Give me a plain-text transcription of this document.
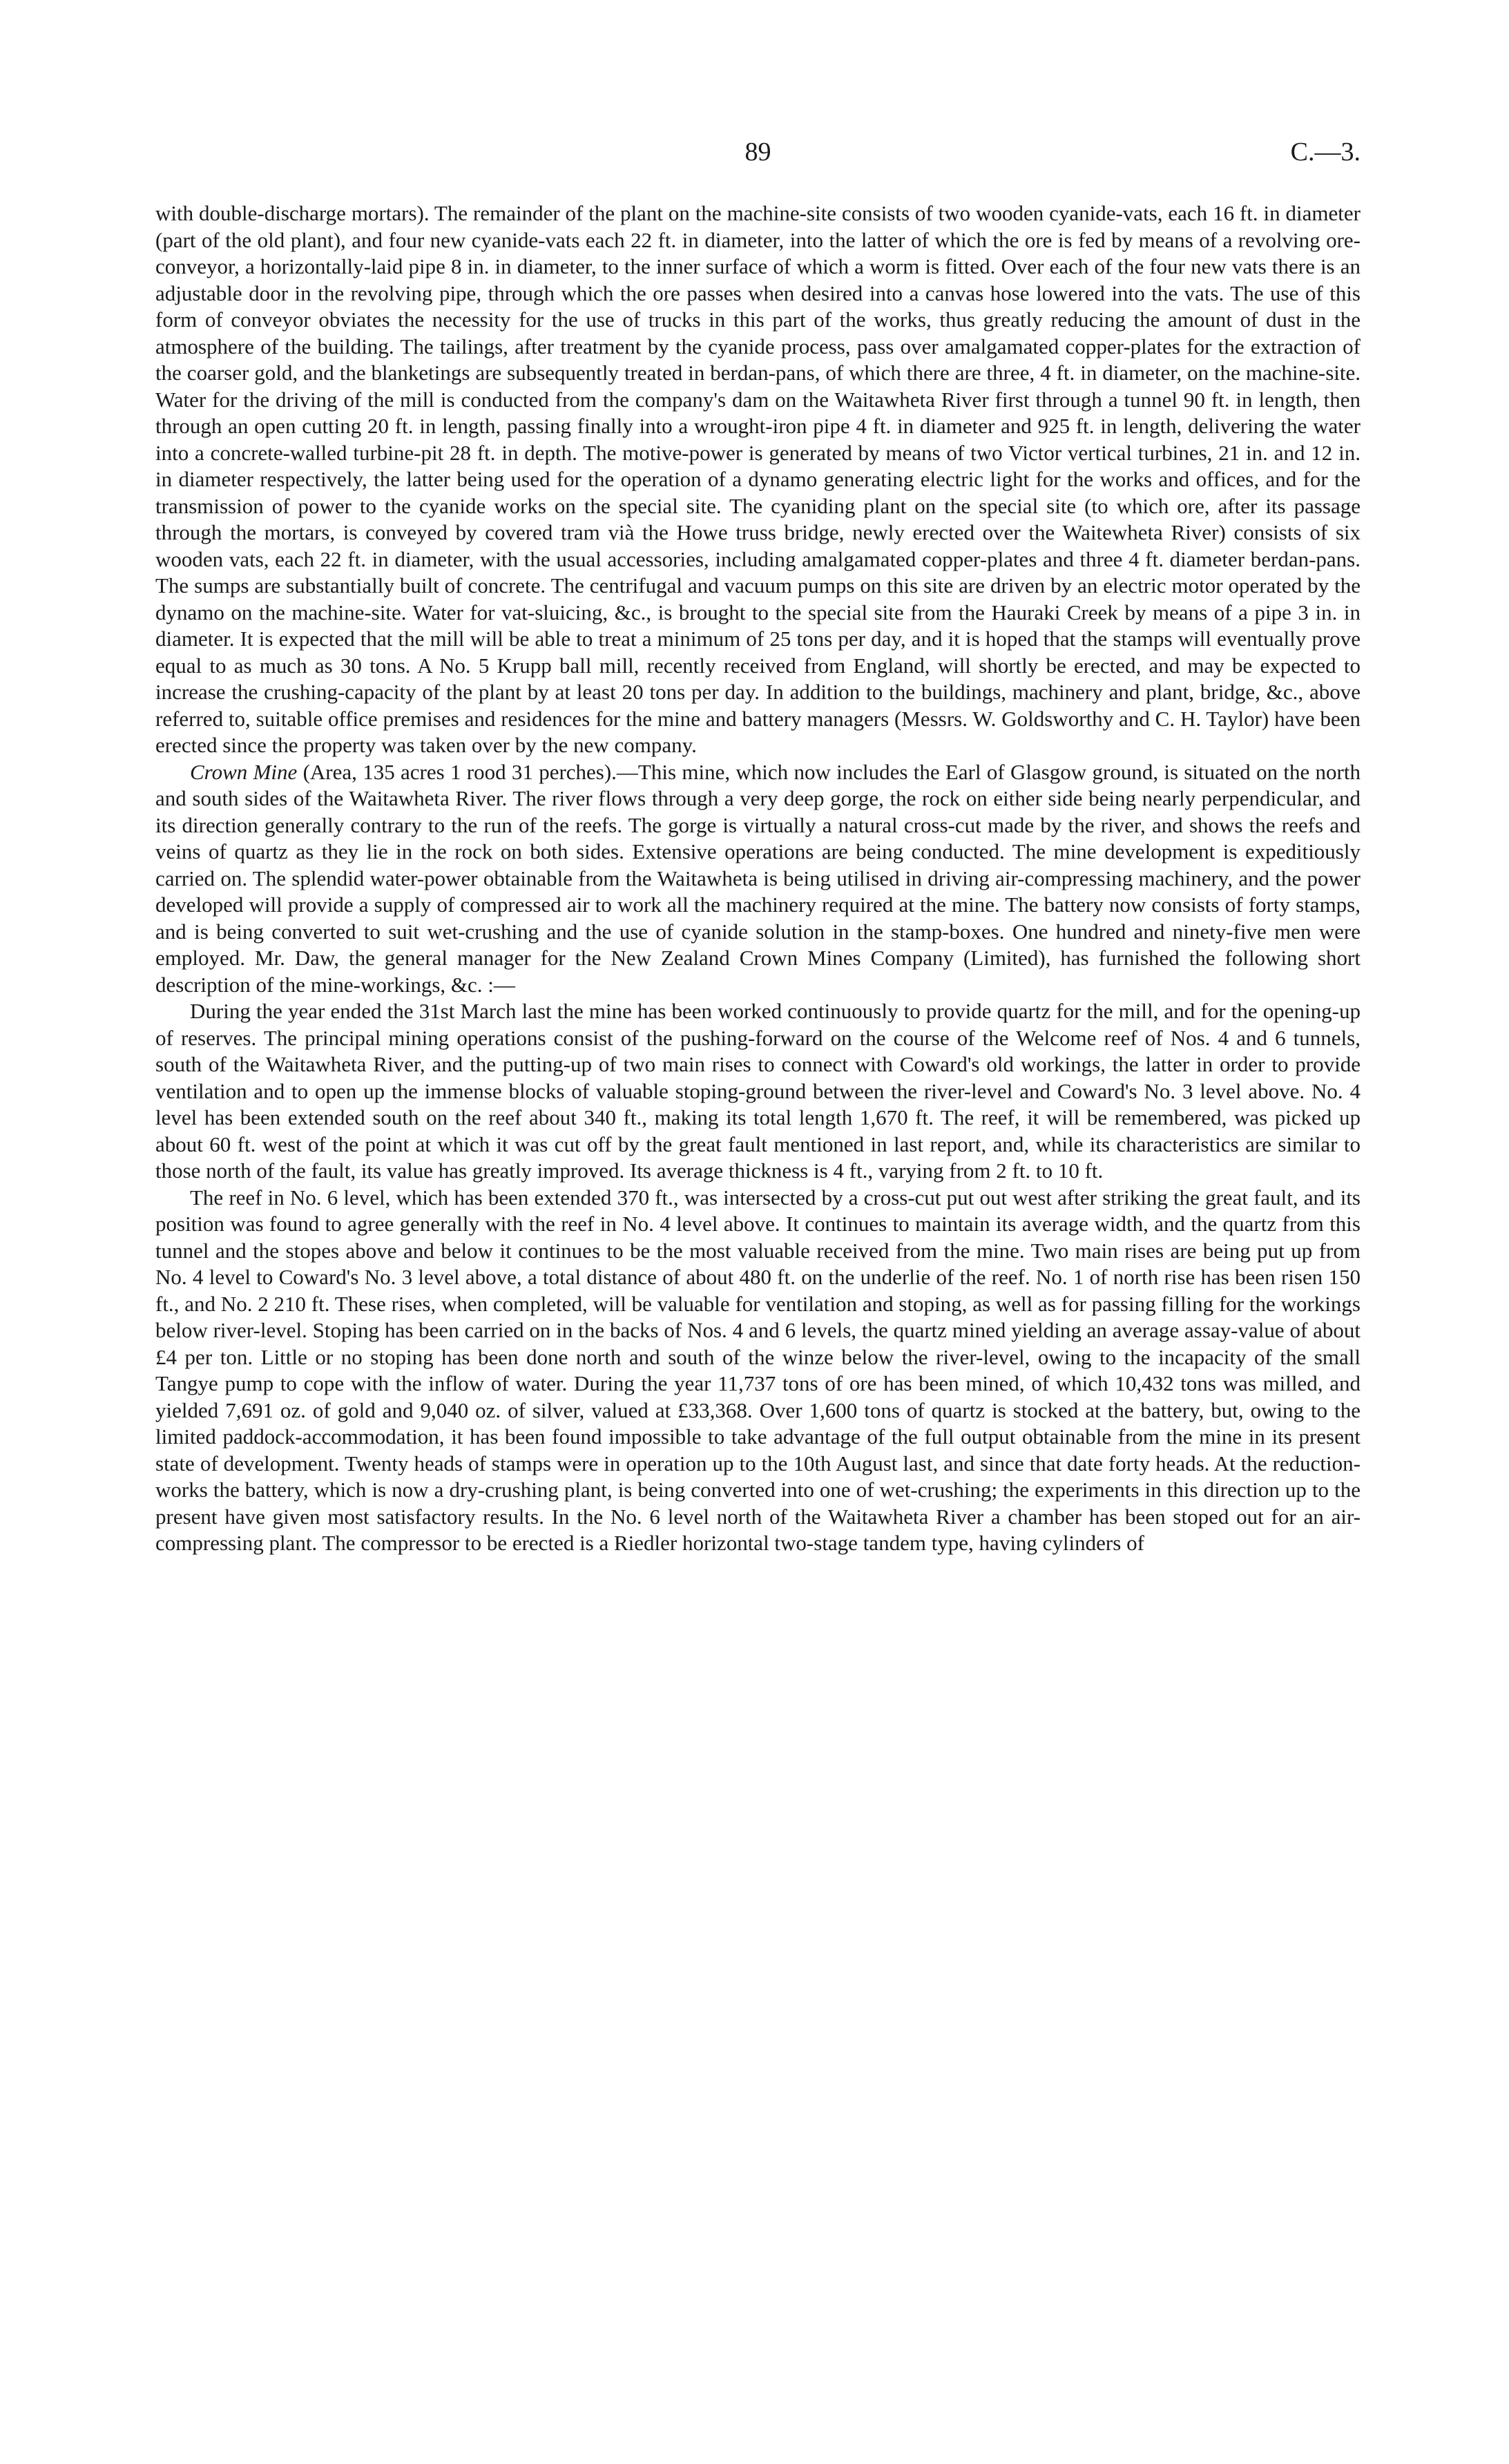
89	C.—3.

with double-discharge mortars). The remainder of the plant on the machine-site consists of two wooden cyanide-vats, each 16 ft. in diameter (part of the old plant), and four new cyanide-vats each 22 ft. in diameter, into the latter of which the ore is fed by means of a revolving ore-conveyor, a horizontally-laid pipe 8 in. in diameter, to the inner surface of which a worm is fitted. Over each of the four new vats there is an adjustable door in the revolving pipe, through which the ore passes when desired into a canvas hose lowered into the vats. The use of this form of conveyor obviates the necessity for the use of trucks in this part of the works, thus greatly reducing the amount of dust in the atmosphere of the building. The tailings, after treatment by the cyanide process, pass over amalgamated copper-plates for the extraction of the coarser gold, and the blanketings are subsequently treated in berdan-pans, of which there are three, 4 ft. in diameter, on the machine-site. Water for the driving of the mill is conducted from the company's dam on the Waitawheta River first through a tunnel 90 ft. in length, then through an open cutting 20 ft. in length, passing finally into a wrought-iron pipe 4 ft. in diameter and 925 ft. in length, delivering the water into a concrete-walled turbine-pit 28 ft. in depth. The motive-power is generated by means of two Victor vertical turbines, 21 in. and 12 in. in diameter respectively, the latter being used for the operation of a dynamo generating electric light for the works and offices, and for the transmission of power to the cyanide works on the special site. The cyaniding plant on the special site (to which ore, after its passage through the mortars, is conveyed by covered tram vià the Howe truss bridge, newly erected over the Waitewheta River) consists of six wooden vats, each 22 ft. in diameter, with the usual accessories, including amalgamated copper-plates and three 4 ft. diameter berdan-pans. The sumps are substantially built of concrete. The centrifugal and vacuum pumps on this site are driven by an electric motor operated by the dynamo on the machine-site. Water for vat-sluicing, &c., is brought to the special site from the Hauraki Creek by means of a pipe 3 in. in diameter. It is expected that the mill will be able to treat a minimum of 25 tons per day, and it is hoped that the stamps will eventually prove equal to as much as 30 tons. A No. 5 Krupp ball mill, recently received from England, will shortly be erected, and may be expected to increase the crushing-capacity of the plant by at least 20 tons per day. In addition to the buildings, machinery and plant, bridge, &c., above referred to, suitable office premises and residences for the mine and battery managers (Messrs. W. Goldsworthy and C. H. Taylor) have been erected since the property was taken over by the new company.

Crown Mine (Area, 135 acres 1 rood 31 perches).—This mine, which now includes the Earl of Glasgow ground, is situated on the north and south sides of the Waitawheta River. The river flows through a very deep gorge, the rock on either side being nearly perpendicular, and its direction generally contrary to the run of the reefs. The gorge is virtually a natural cross-cut made by the river, and shows the reefs and veins of quartz as they lie in the rock on both sides. Extensive operations are being conducted. The mine development is expeditiously carried on. The splendid water-power obtainable from the Waitawheta is being utilised in driving air-compressing machinery, and the power developed will provide a supply of compressed air to work all the machinery required at the mine. The battery now consists of forty stamps, and is being converted to suit wet-crushing and the use of cyanide solution in the stamp-boxes. One hundred and ninety-five men were employed. Mr. Daw, the general manager for the New Zealand Crown Mines Company (Limited), has furnished the following short description of the mine-workings, &c. :—

During the year ended the 31st March last the mine has been worked continuously to provide quartz for the mill, and for the opening-up of reserves. The principal mining operations consist of the pushing-forward on the course of the Welcome reef of Nos. 4 and 6 tunnels, south of the Waitawheta River, and the putting-up of two main rises to connect with Coward's old workings, the latter in order to provide ventilation and to open up the immense blocks of valuable stoping-ground between the river-level and Coward's No. 3 level above. No. 4 level has been extended south on the reef about 340 ft., making its total length 1,670 ft. The reef, it will be remembered, was picked up about 60 ft. west of the point at which it was cut off by the great fault mentioned in last report, and, while its characteristics are similar to those north of the fault, its value has greatly improved. Its average thickness is 4 ft., varying from 2 ft. to 10 ft.

The reef in No. 6 level, which has been extended 370 ft., was intersected by a cross-cut put out west after striking the great fault, and its position was found to agree generally with the reef in No. 4 level above. It continues to maintain its average width, and the quartz from this tunnel and the stopes above and below it continues to be the most valuable received from the mine. Two main rises are being put up from No. 4 level to Coward's No. 3 level above, a total distance of about 480 ft. on the underlie of the reef. No. 1 of north rise has been risen 150 ft., and No. 2 210 ft. These rises, when completed, will be valuable for ventilation and stoping, as well as for passing filling for the workings below river-level. Stoping has been carried on in the backs of Nos. 4 and 6 levels, the quartz mined yielding an average assay-value of about £4 per ton. Little or no stoping has been done north and south of the winze below the river-level, owing to the incapacity of the small Tangye pump to cope with the inflow of water. During the year 11,737 tons of ore has been mined, of which 10,432 tons was milled, and yielded 7,691 oz. of gold and 9,040 oz. of silver, valued at £33,368. Over 1,600 tons of quartz is stocked at the battery, but, owing to the limited paddock-accommodation, it has been found impossible to take advantage of the full output obtainable from the mine in its present state of development. Twenty heads of stamps were in operation up to the 10th August last, and since that date forty heads. At the reduction-works the battery, which is now a dry-crushing plant, is being converted into one of wet-crushing; the experiments in this direction up to the present have given most satisfactory results. In the No. 6 level north of the Waitawheta River a chamber has been stoped out for an air-compressing plant. The compressor to be erected is a Riedler horizontal two-stage tandem type, having cylinders of
